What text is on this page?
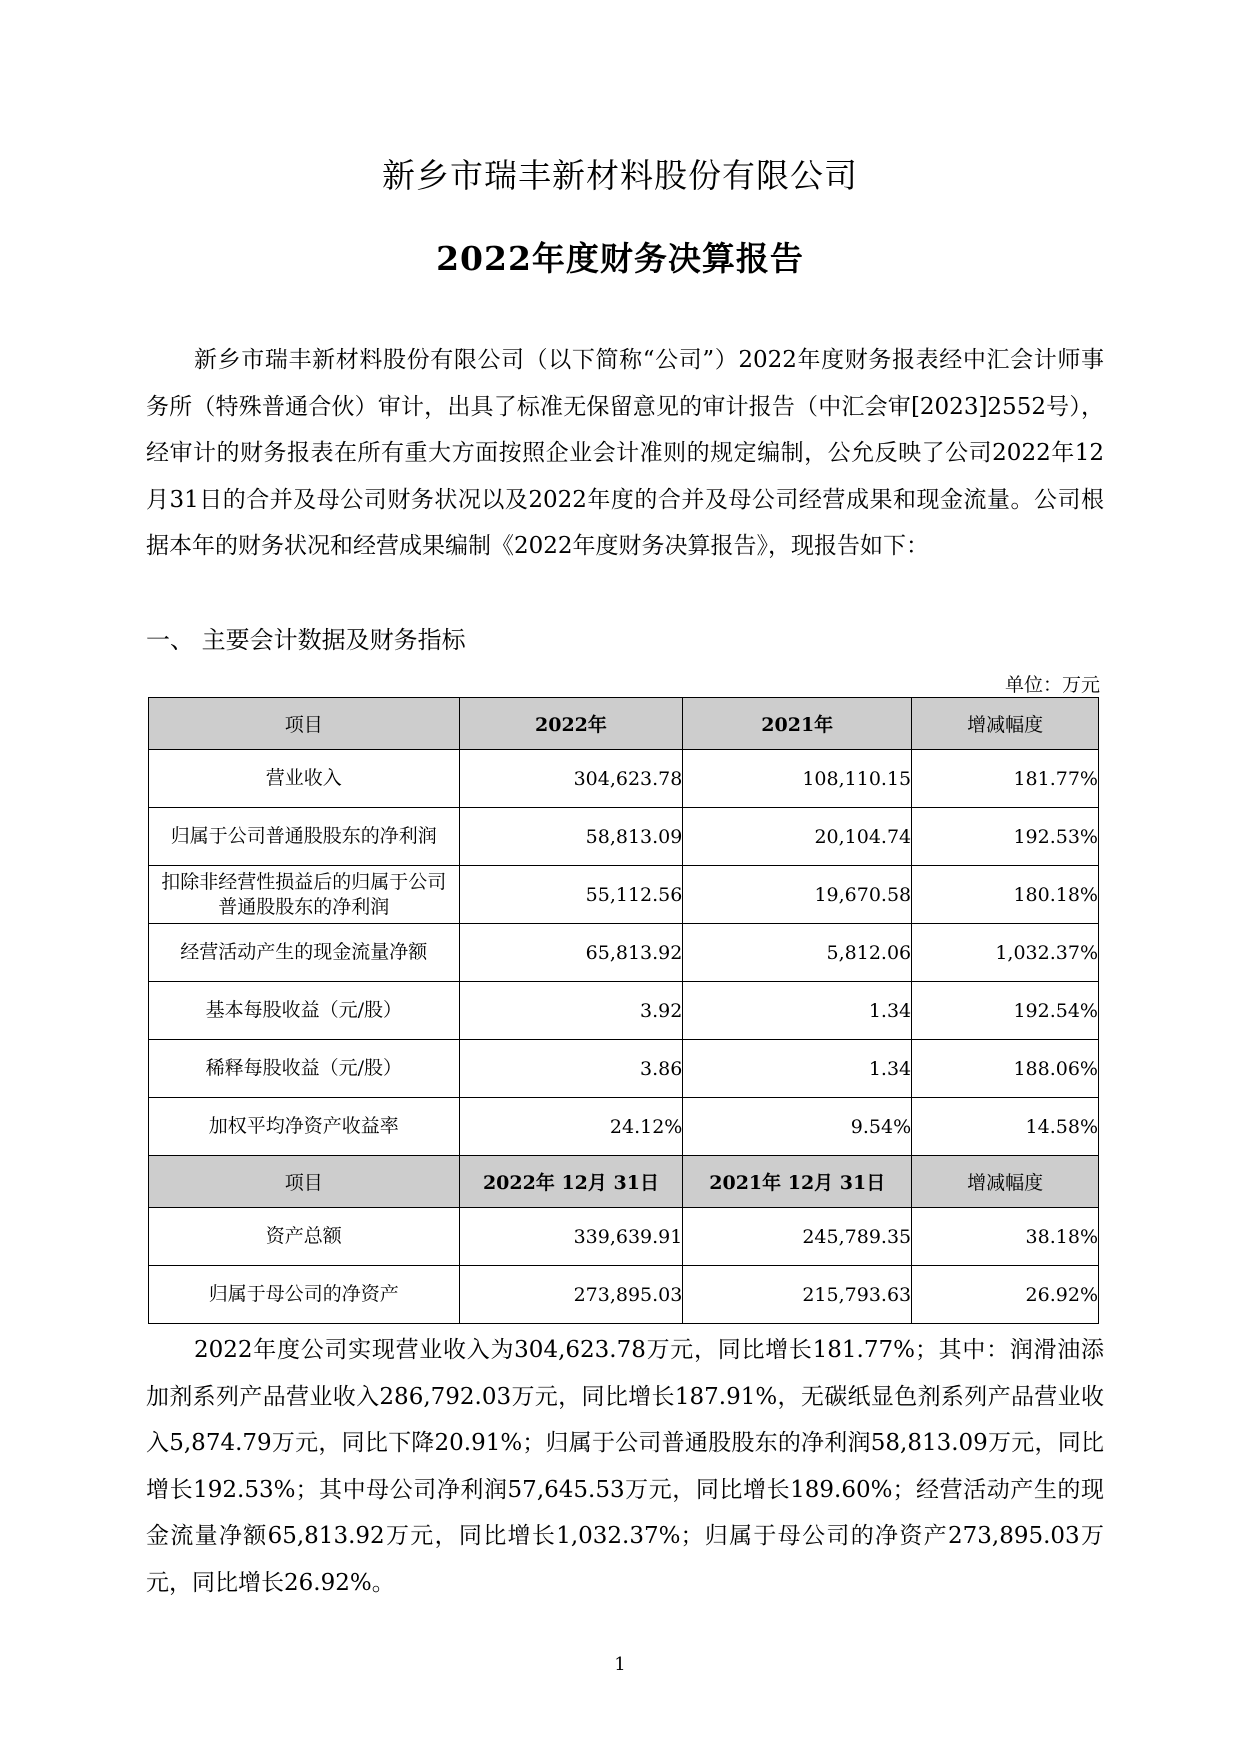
新乡市瑞丰新材料股份有限公司
2022年度财务决算报告

新乡市瑞丰新材料股份有限公司（以下简称“公司”）2022年度财务报表经中汇会计师事务所（特殊普通合伙）审计，出具了标准无保留意见的审计报告（中汇会审[2023]2552号），经审计的财务报表在所有重大方面按照企业会计准则的规定编制，公允反映了公司2022年12月31日的合并及母公司财务状况以及2022年度的合并及母公司经营成果和现金流量。公司根据本年的财务状况和经营成果编制《2022年度财务决算报告》，现报告如下：

一、 主要会计数据及财务指标
单位：万元
项目	2022年	2021年	增减幅度
营业收入	304,623.78	108,110.15	181.77%
归属于公司普通股股东的净利润	58,813.09	20,104.74	192.53%
扣除非经营性损益后的归属于公司普通股股东的净利润	55,112.56	19,670.58	180.18%
经营活动产生的现金流量净额	65,813.92	5,812.06	1,032.37%
基本每股收益（元/股）	3.92	1.34	192.54%
稀释每股收益（元/股）	3.86	1.34	188.06%
加权平均净资产收益率	24.12%	9.54%	14.58%
项目	2022年 12月 31日	2021年 12月 31日	增减幅度
资产总额	339,639.91	245,789.35	38.18%
归属于母公司的净资产	273,895.03	215,793.63	26.92%

2022年度公司实现营业收入为304,623.78万元，同比增长181.77%；其中：润滑油添加剂系列产品营业收入286,792.03万元，同比增长187.91%，无碳纸显色剂系列产品营业收入5,874.79万元，同比下降20.91%；归属于公司普通股股东的净利润58,813.09万元，同比增长192.53%；其中母公司净利润57,645.53万元，同比增长189.60%；经营活动产生的现金流量净额65,813.92万元，同比增长1,032.37%；归属于母公司的净资产273,895.03万元，同比增长26.92%。

1
